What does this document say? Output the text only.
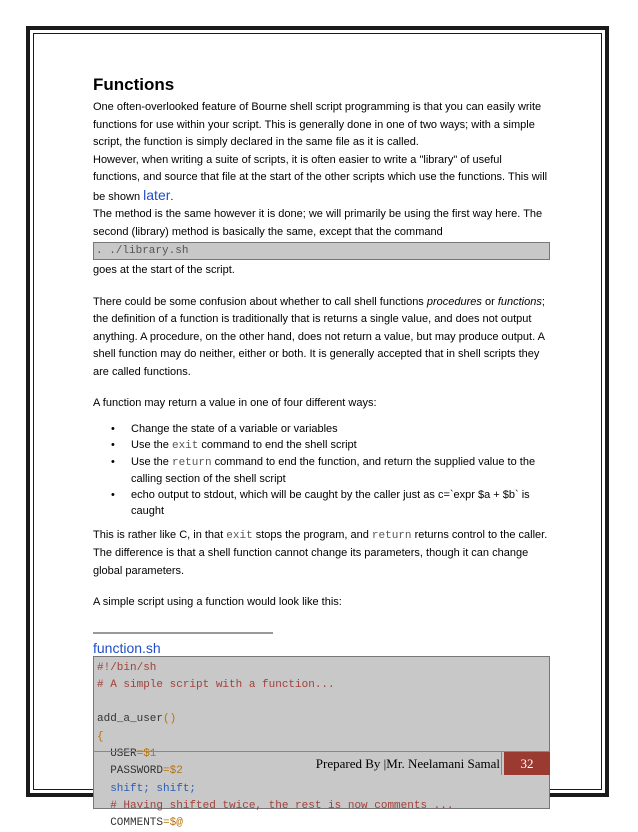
Functions

One often-overlooked feature of Bourne shell script programming is that you can easily write functions for use within your script. This is generally done in one of two ways; with a simple script, the function is simply declared in the same file as it is called.
However, when writing a suite of scripts, it is often easier to write a "library" of useful functions, and source that file at the start of the other scripts which use the functions. This will be shown later.
The method is the same however it is done; we will primarily be using the first way here. The second (library) method is basically the same, except that the command

. ./library.sh

goes at the start of the script.

There could be some confusion about whether to call shell functions procedures or functions; the definition of a function is traditionally that is returns a single value, and does not output anything. A procedure, on the other hand, does not return a value, but may produce output. A shell function may do neither, either or both. It is generally accepted that in shell scripts they are called functions.

A function may return a value in one of four different ways:

• Change the state of a variable or variables
• Use the exit command to end the shell script
• Use the return command to end the function, and return the supplied value to the calling section of the shell script
• echo output to stdout, which will be caught by the caller just as c=`expr $a + $b` is caught

This is rather like C, in that exit stops the program, and return returns control to the caller. The difference is that a shell function cannot change its parameters, though it can change global parameters.

A simple script using a function would look like this:

function.sh
#!/bin/sh
# A simple script with a function...

add_a_user()
{
USER=$1
PASSWORD=$2
shift; shift;
# Having shifted twice, the rest is now comments ...
COMMENTS=$@
Prepared By |Mr. Neelamani Samal	32
